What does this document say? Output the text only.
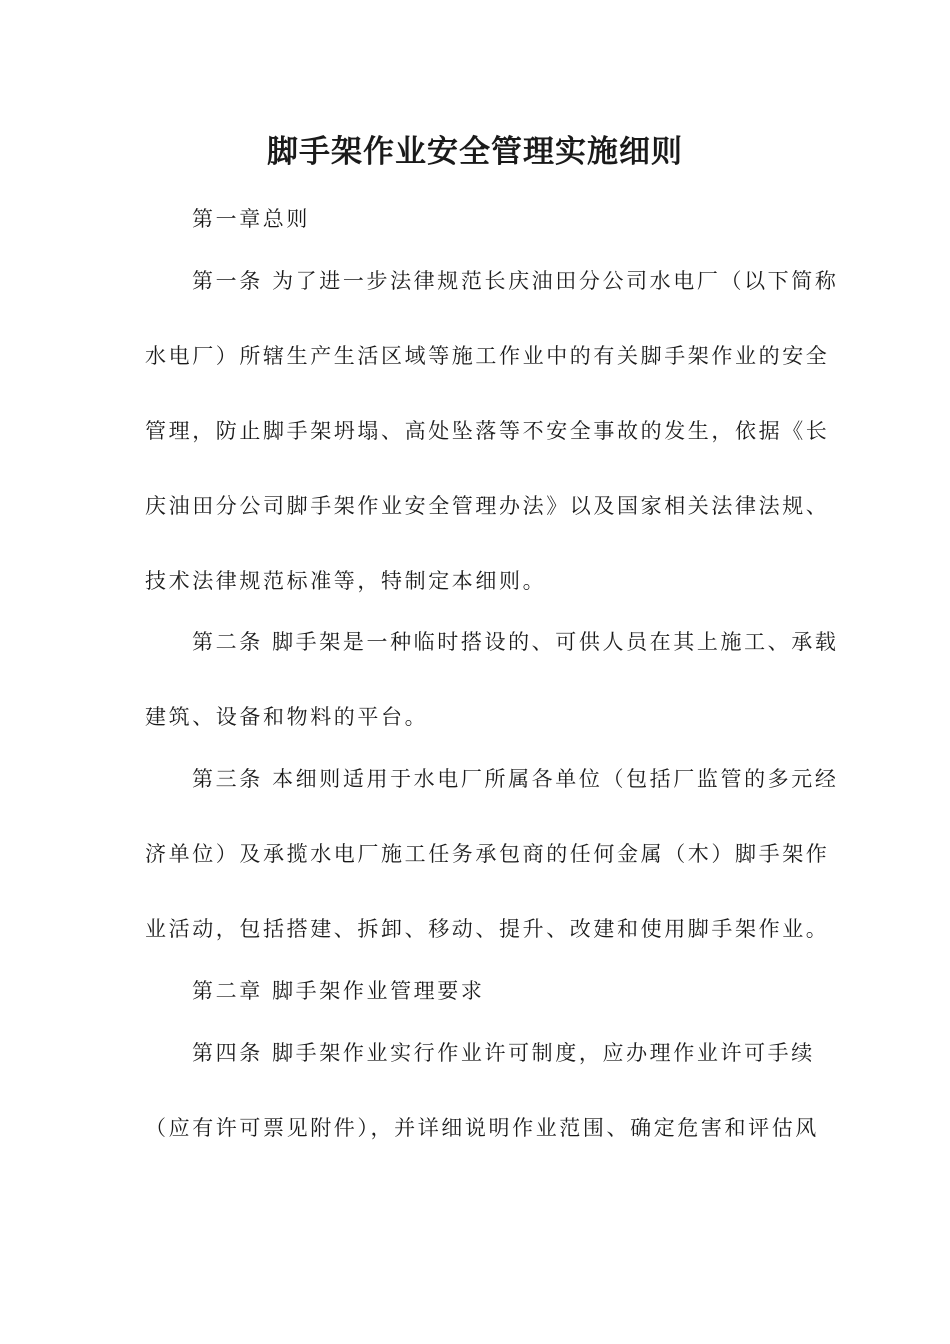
脚手架作业安全管理实施细则

第一章总则

第一条 为了进一步法律规范长庆油田分公司水电厂（以下简称

水电厂）所辖生产生活区域等施工作业中的有关脚手架作业的安全

管理，防止脚手架坍塌、高处坠落等不安全事故的发生，依据《长

庆油田分公司脚手架作业安全管理办法》以及国家相关法律法规、

技术法律规范标准等，特制定本细则。

第二条 脚手架是一种临时搭设的、可供人员在其上施工、承载

建筑、设备和物料的平台。

第三条 本细则适用于水电厂所属各单位（包括厂监管的多元经

济单位）及承揽水电厂施工任务承包商的任何金属（木）脚手架作

业活动，包括搭建、拆卸、移动、提升、改建和使用脚手架作业。

第二章 脚手架作业管理要求

第四条 脚手架作业实行作业许可制度，应办理作业许可手续

（应有许可票见附件），并详细说明作业范围、确定危害和评估风
